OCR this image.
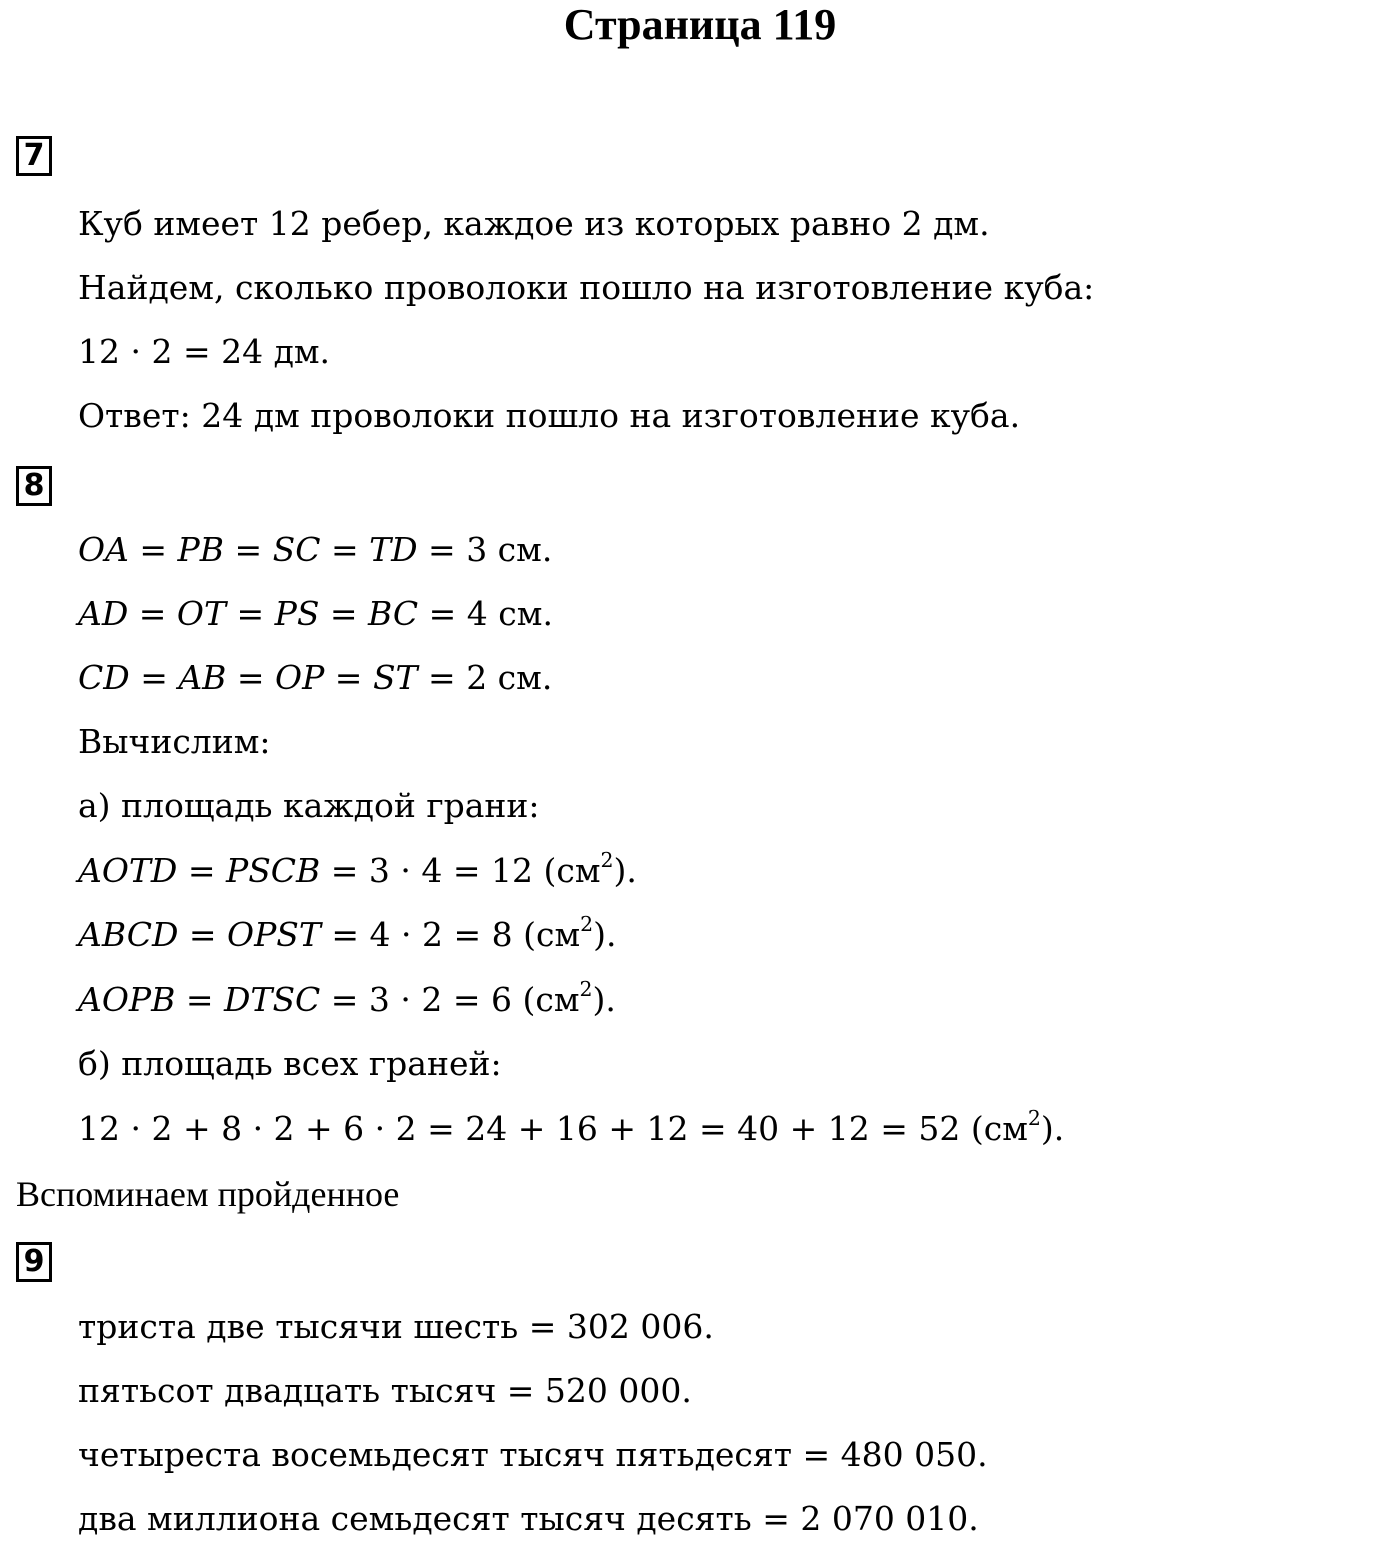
Страница 119
7
Куб имеет 12 ребер, каждое из которых равно 2 дм.
Найдем, сколько проволоки пошло на изготовление куба:
12 · 2 = 24 дм.
Ответ: 24 дм проволоки пошло на изготовление куба.
8
OA = PB = SC = TD = 3 см.
AD = OT = PS = BC = 4 см.
CD = AB = OP = ST = 2 см.
Вычислим:
а) площадь каждой грани:
AOTD = PSCB = 3 · 4 = 12 $(см^2)$.
ABCD = OPST = 4 · 2 = 8 $(см^2)$.
AOPB = DTSC = 3 · 2 = 6 $(см^2)$.
б) площадь всех граней:
12 · 2 + 8 · 2 + 6 · 2 = 24 + 16 + 12 = 40 + 12 = 52 $(см^2)$.
Вспоминаем пройденное
9
триста две тысячи шесть = 302 006.
пятьсот двадцать тысяч = 520 000.
четыреста восемьдесят тысяч пятьдесят = 480 050.
два миллиона семьдесят тысяч десять = 2 070 010.
